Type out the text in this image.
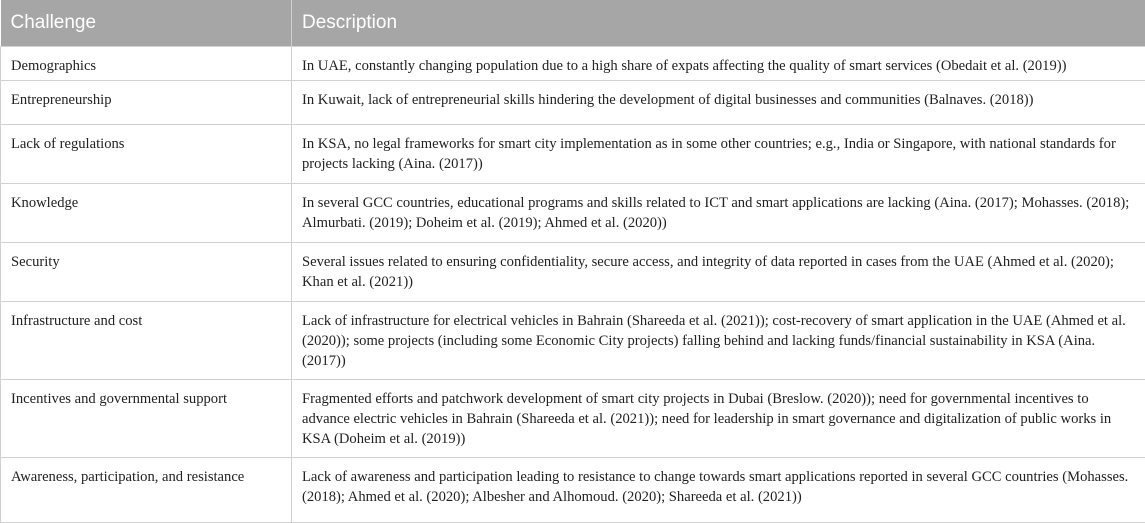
Challenge	Description
Demographics	In UAE, constantly changing population due to a high share of expats affecting the quality of smart services (Obedait et al. (2019))
Entrepreneurship	In Kuwait, lack of entrepreneurial skills hindering the development of digital businesses and communities (Balnaves. (2018))
Lack of regulations	In KSA, no legal frameworks for smart city implementation as in some other countries; e.g., India or Singapore, with national standards for projects lacking (Aina. (2017))
Knowledge	In several GCC countries, educational programs and skills related to ICT and smart applications are lacking (Aina. (2017); Mohasses. (2018); Almurbati. (2019); Doheim et al. (2019); Ahmed et al. (2020))
Security	Several issues related to ensuring confidentiality, secure access, and integrity of data reported in cases from the UAE (Ahmed et al. (2020); Khan et al. (2021))
Infrastructure and cost	Lack of infrastructure for electrical vehicles in Bahrain (Shareeda et al. (2021)); cost-recovery of smart application in the UAE (Ahmed et al. (2020)); some projects (including some Economic City projects) falling behind and lacking funds/financial sustainability in KSA (Aina. (2017))
Incentives and governmental support	Fragmented efforts and patchwork development of smart city projects in Dubai (Breslow. (2020)); need for governmental incentives to advance electric vehicles in Bahrain (Shareeda et al. (2021)); need for leadership in smart governance and digitalization of public works in KSA (Doheim et al. (2019))
Awareness, participation, and resistance	Lack of awareness and participation leading to resistance to change towards smart applications reported in several GCC countries (Mohasses. (2018); Ahmed et al. (2020); Albesher and Alhomoud. (2020); Shareeda et al. (2021))
